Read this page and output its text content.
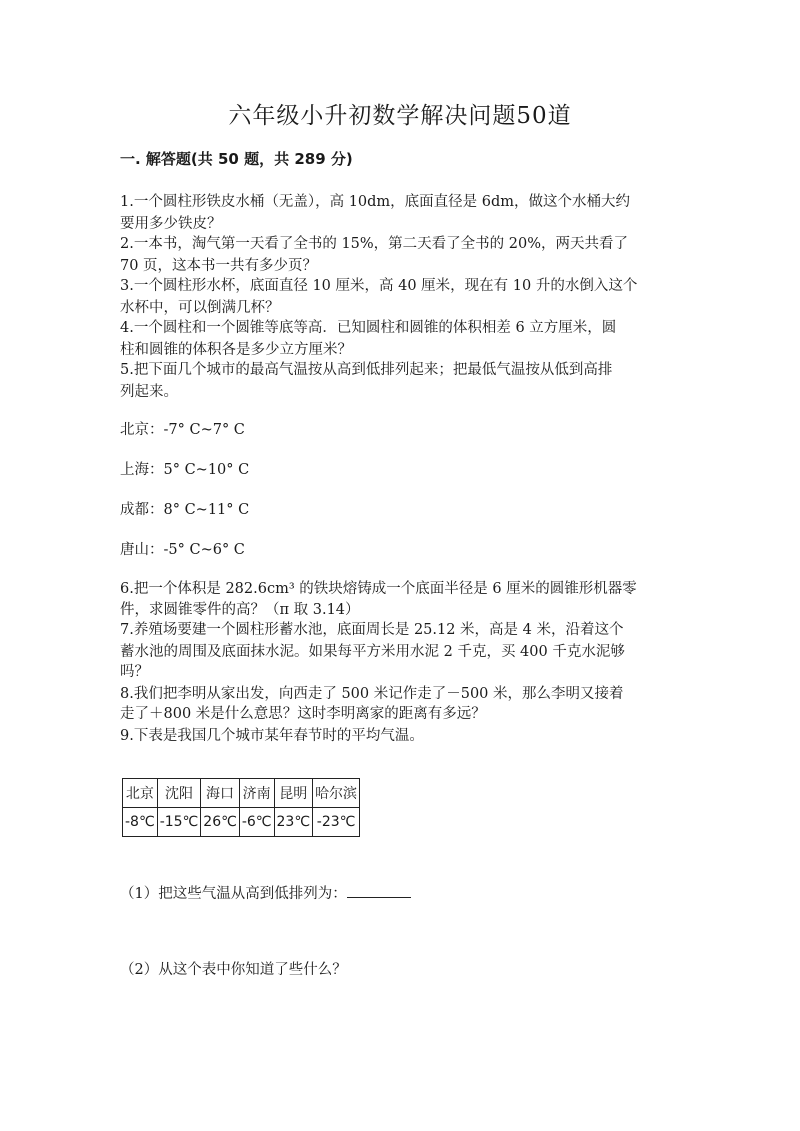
六年级小升初数学解决问题50道
一. 解答题(共 50 题，共 289 分)
1.一个圆柱形铁皮水桶（无盖），高 10dm，底面直径是 6dm，做这个水桶大约
要用多少铁皮？
2.一本书，淘气第一天看了全书的 15%，第二天看了全书的 20%，两天共看了
70 页，这本书一共有多少页？
3.一个圆柱形水杯，底面直径 10 厘米，高 40 厘米，现在有 10 升的水倒入这个
水杯中，可以倒满几杯？
4.一个圆柱和一个圆锥等底等高．已知圆柱和圆锥的体积相差 6 立方厘米，圆
柱和圆锥的体积各是多少立方厘米？
5.把下面几个城市的最高气温按从高到低排列起来；把最低气温按从低到高排
列起来。
北京：-7° C~7° C
上海：5° C~10° C
成都：8° C~11° C
唐山：-5° C~6° C
6.把一个体积是 282.6cm³ 的铁块熔铸成一个底面半径是 6 厘米的圆锥形机器零
件，求圆锥零件的高？（π 取 3.14）
7.养殖场要建一个圆柱形蓄水池，底面周长是 25.12 米，高是 4 米，沿着这个
蓄水池的周围及底面抹水泥。如果每平方米用水泥 2 千克，买 400 千克水泥够
吗？
8.我们把李明从家出发，向西走了 500 米记作走了－500 米，那么李明又接着
走了＋800 米是什么意思？这时李明离家的距离有多远？
9.下表是我国几个城市某年春节时的平均气温。
北京	沈阳	海口	济南	昆明	哈尔滨
-8℃	-15℃	26℃	-6℃	23℃	-23℃
（1）把这些气温从高到低排列为：
（2）从这个表中你知道了些什么？
